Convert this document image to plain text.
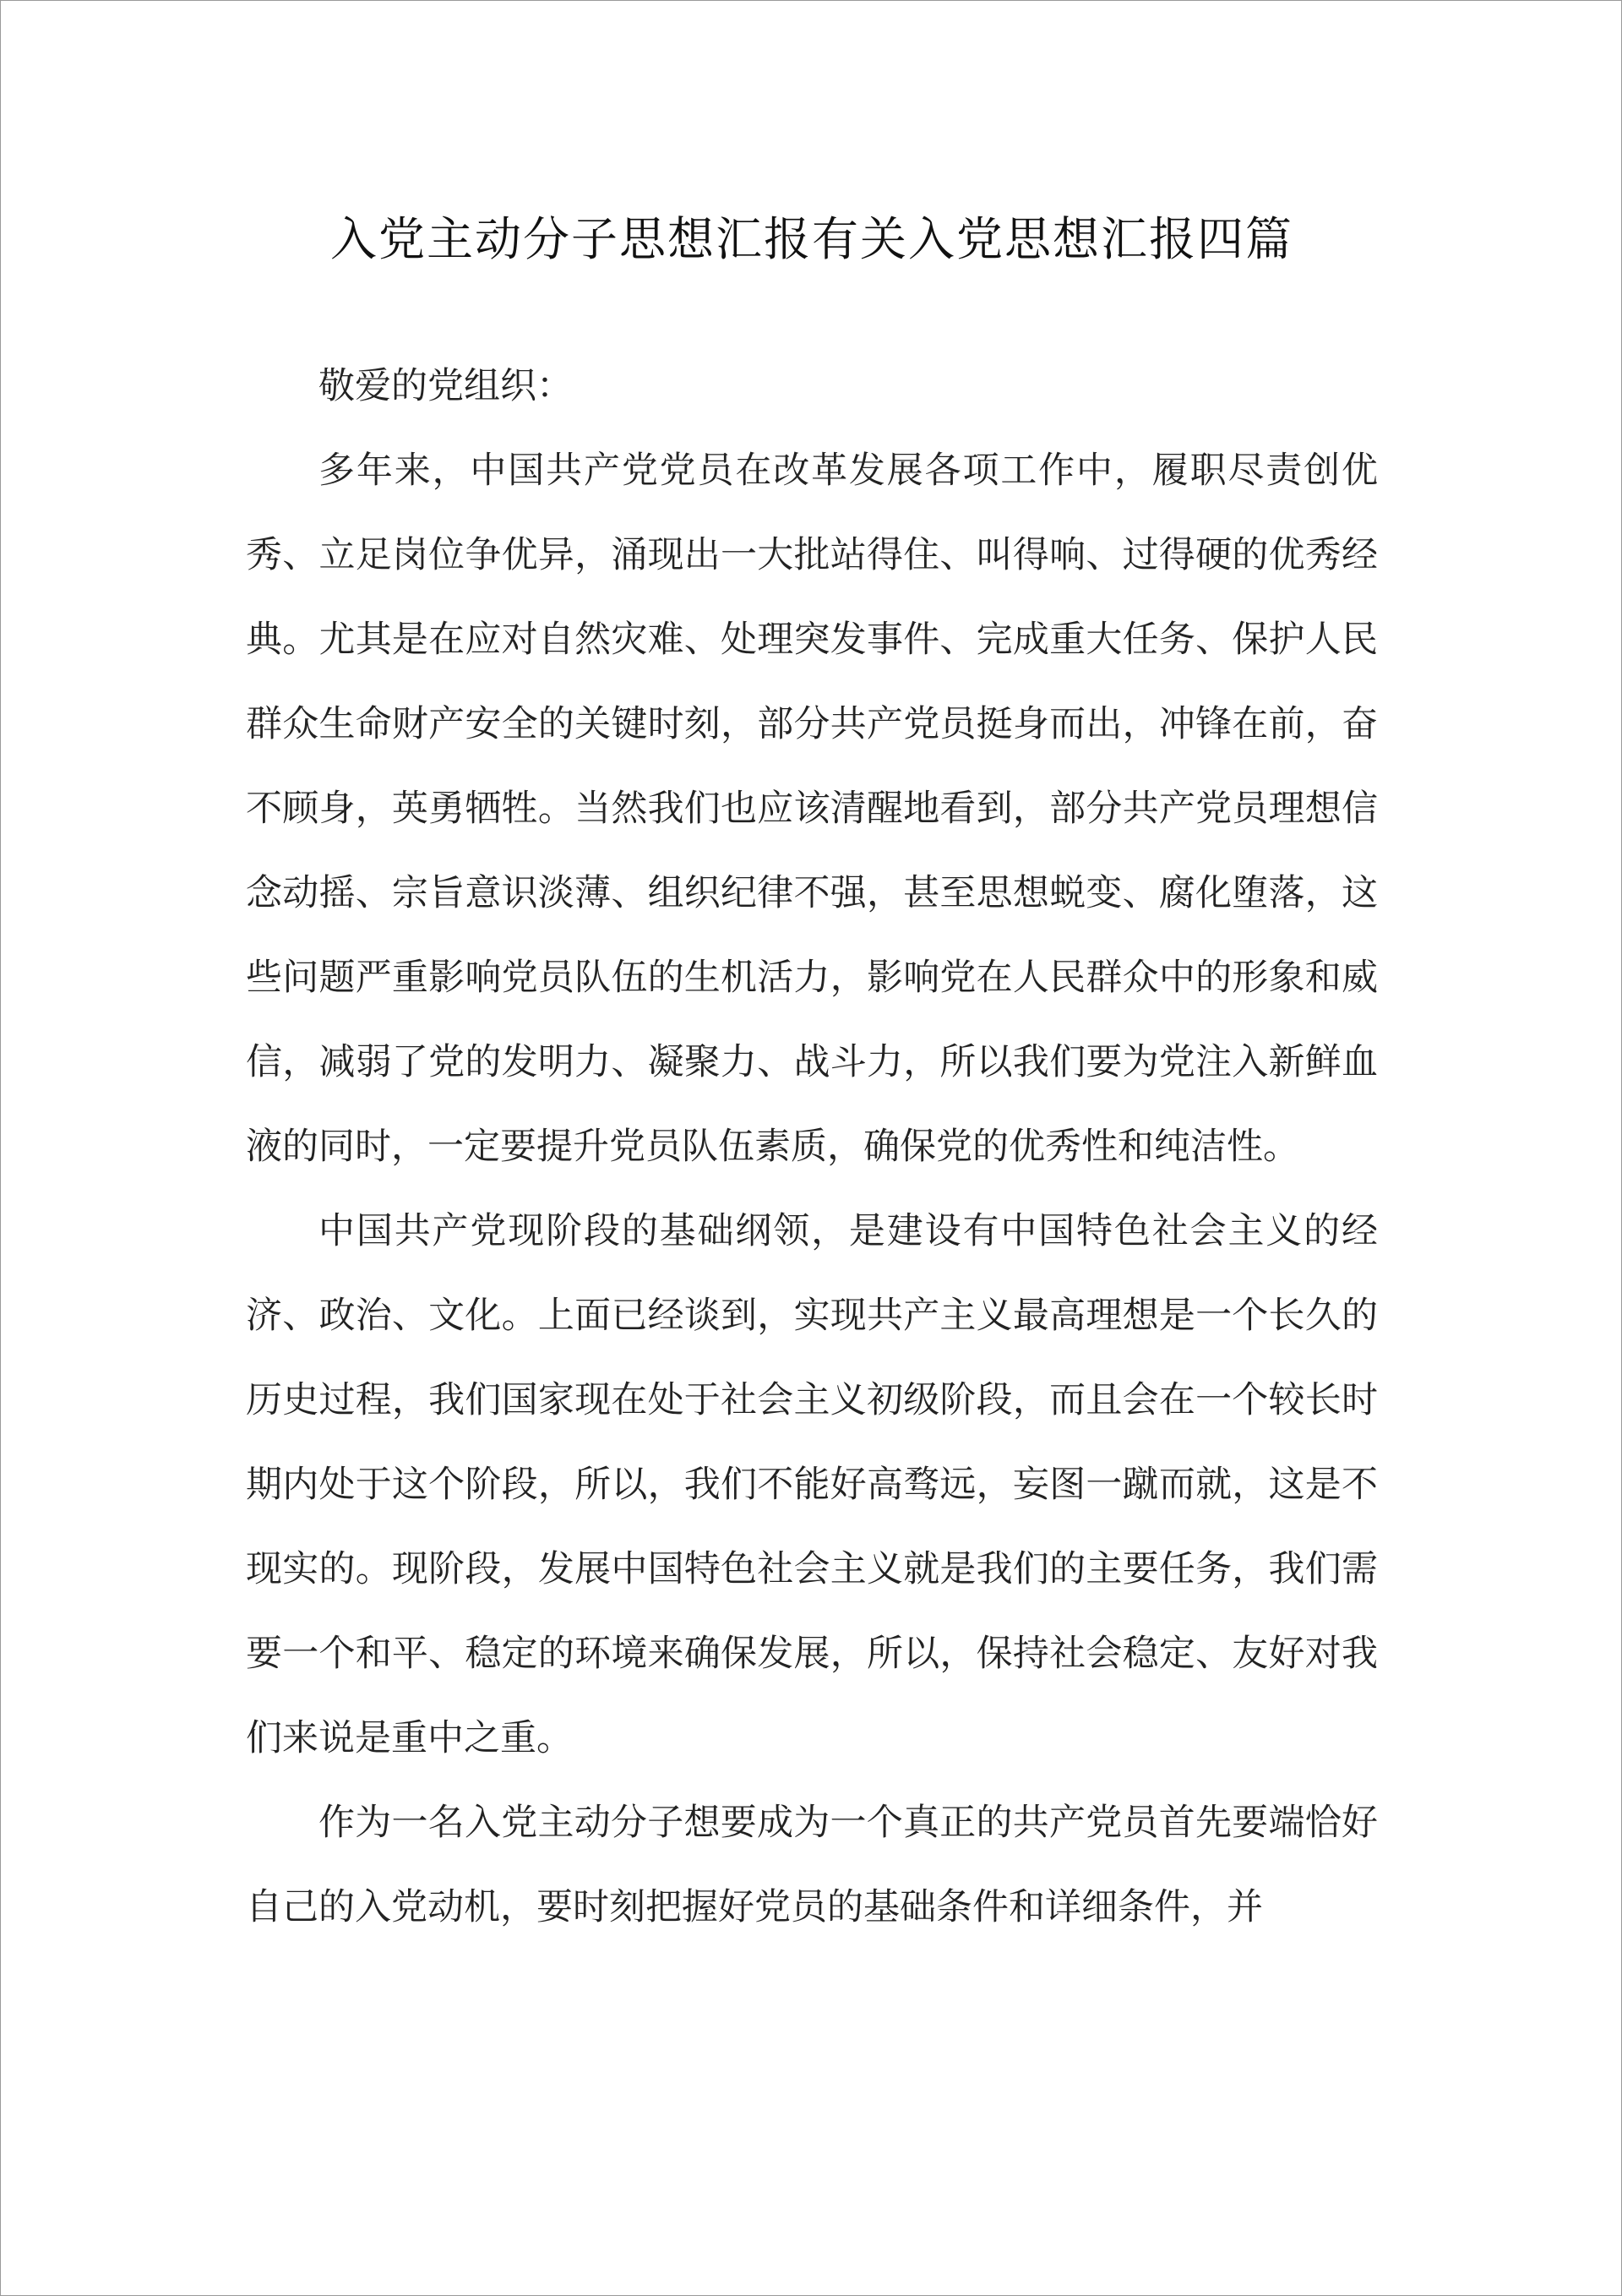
入党主动分子思想汇报有关入党思想汇报四篇

敬爱的党组织：

多年来，中国共产党党员在改革发展各项工作中，履职尽责创优秀、立足岗位争优异，涌现出一大批站得住、叫得响、过得硬的优秀经典。尤其是在应对自然灾难、处理突发事件、完成重大任务、保护人民群众生命财产安全的关键时刻，部分共产党员挺身而出，冲锋在前，奋不顾身，英勇牺牲。当然我们也应该清醒地看到，部分共产党员理想信念动摇、宗旨意识淡薄、组织纪律不强，甚至思想蜕变、腐化堕落，这些问题严重影响党员队伍的生机活力，影响党在人民群众中的形象和威信，减弱了党的发明力、凝聚力、战斗力，所以我们要为党注入新鲜血液的同时，一定要提升党员队伍素质，确保党的优秀性和纯洁性。

中国共产党现阶段的基础纲领，是建设有中国特色社会主义的经济、政治、文化。上面已经谈到，实现共产主义最高理想是一个长久的历史过程，我们国家现在处于社会主义初级阶段，而且会在一个较长时期内处于这个阶段，所以，我们不能好高骛远，妄图一蹴而就，这是不现实的。现阶段，发展中国特色社会主义就是我们的主要任务，我们需要一个和平、稳定的环境来确保发展，所以，保持社会稳定、友好对我们来说是重中之重。

作为一名入党主动分子想要成为一个真正的共产党员首先要端恰好自己的入党动机，要时刻把握好党员的基础条件和详细条件，并
